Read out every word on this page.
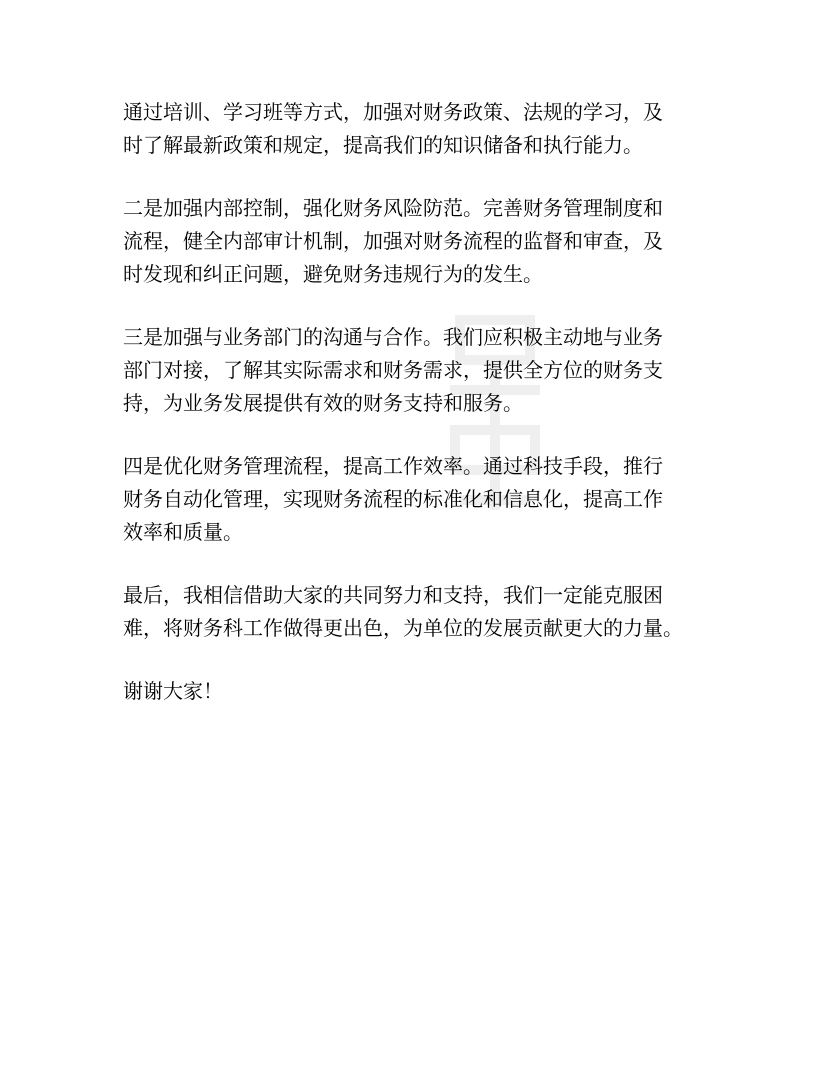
通过培训、学习班等方式，加强对财务政策、法规的学习，及
时了解最新政策和规定，提高我们的知识储备和执行能力。

二是加强内部控制，强化财务风险防范。完善财务管理制度和
流程，健全内部审计机制，加强对财务流程的监督和审查，及
时发现和纠正问题，避免财务违规行为的发生。

三是加强与业务部门的沟通与合作。我们应积极主动地与业务
部门对接，了解其实际需求和财务需求，提供全方位的财务支
持，为业务发展提供有效的财务支持和服务。

四是优化财务管理流程，提高工作效率。通过科技手段，推行
财务自动化管理，实现财务流程的标准化和信息化，提高工作
效率和质量。

最后，我相信借助大家的共同努力和支持，我们一定能克服困
难，将财务科工作做得更出色，为单位的发展贡献更大的力量。

谢谢大家！
